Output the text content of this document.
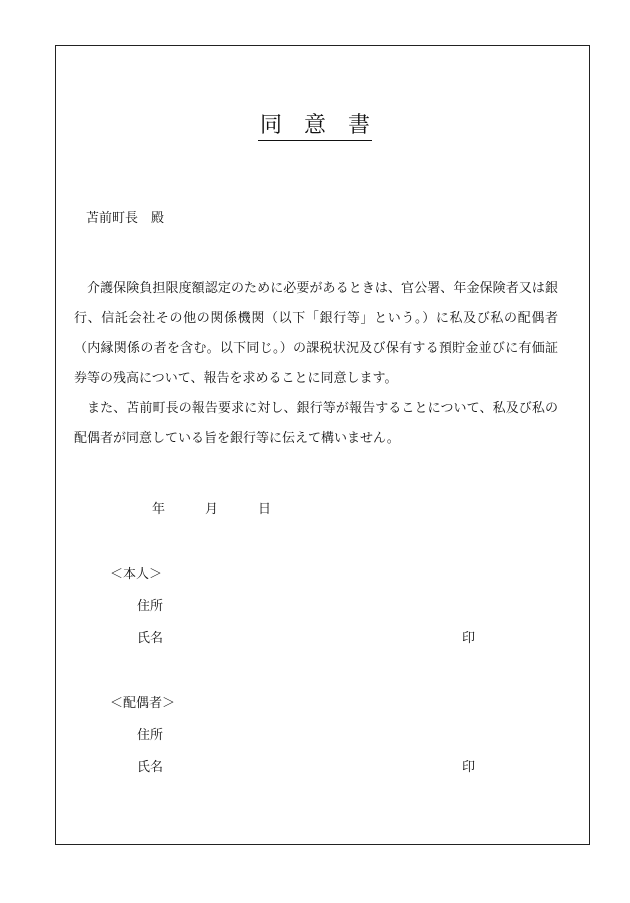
同　意　書
苫前町長　殿

介護保険負担限度額認定のために必要があるときは、官公署、年金保険者又は銀行、信託会社その他の関係機関（以下「銀行等」という。）に私及び私の配偶者（内縁関係の者を含む。以下同じ。）の課税状況及び保有する預貯金並びに有価証券等の残高について、報告を求めることに同意します。

また、苫前町長の報告要求に対し、銀行等が報告することについて、私及び私の配偶者が同意している旨を銀行等に伝えて構いません。

年	月	日
＜本人＞
住所
氏名	印
＜配偶者＞
住所
氏名	印
